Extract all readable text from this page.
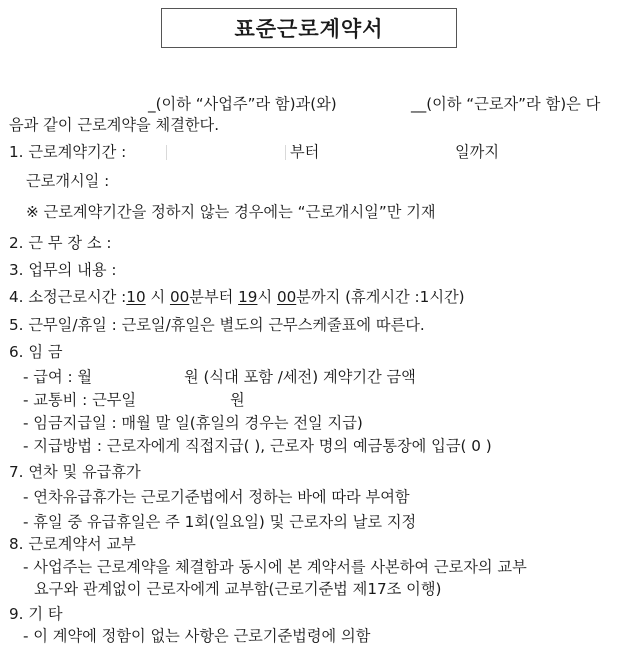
표준근로계약서
_(이하 “사업주”라 함)과(와)	__(이하 “근로자”라 함)은 다
음과 같이 근로계약을 체결한다.
1. 근로계약기간 :	부터	일까지
근로개시일 :
※ 근로계약기간을 정하지 않는 경우에는 “근로개시일”만 기재
2. 근 무 장 소 :
3. 업무의 내용 :
4. 소정근로시간 :10 시 00분부터 19시 00분까지 (휴게시간 :1시간)
5. 근무일/휴일 : 근로일/휴일은 별도의 근무스케줄표에 따른다.
6. 임 금
- 급여 : 월	원 (식대 포함 /세전) 계약기간 금액
- 교통비 : 근무일	원
- 임금지급일 : 매월 말 일(휴일의 경우는 전일 지급)
- 지급방법 : 근로자에게 직접지급( ), 근로자 명의 예금통장에 입금( 0 )
7. 연차 및 유급휴가
- 연차유급휴가는 근로기준법에서 정하는 바에 따라 부여함
- 휴일 중 유급휴일은 주 1회(일요일) 및 근로자의 날로 지정
8. 근로계약서 교부
- 사업주는 근로계약을 체결함과 동시에 본 계약서를 사본하여 근로자의 교부
요구와 관계없이 근로자에게 교부함(근로기준법 제17조 이행)
9. 기 타
- 이 계약에 정함이 없는 사항은 근로기준법령에 의함
